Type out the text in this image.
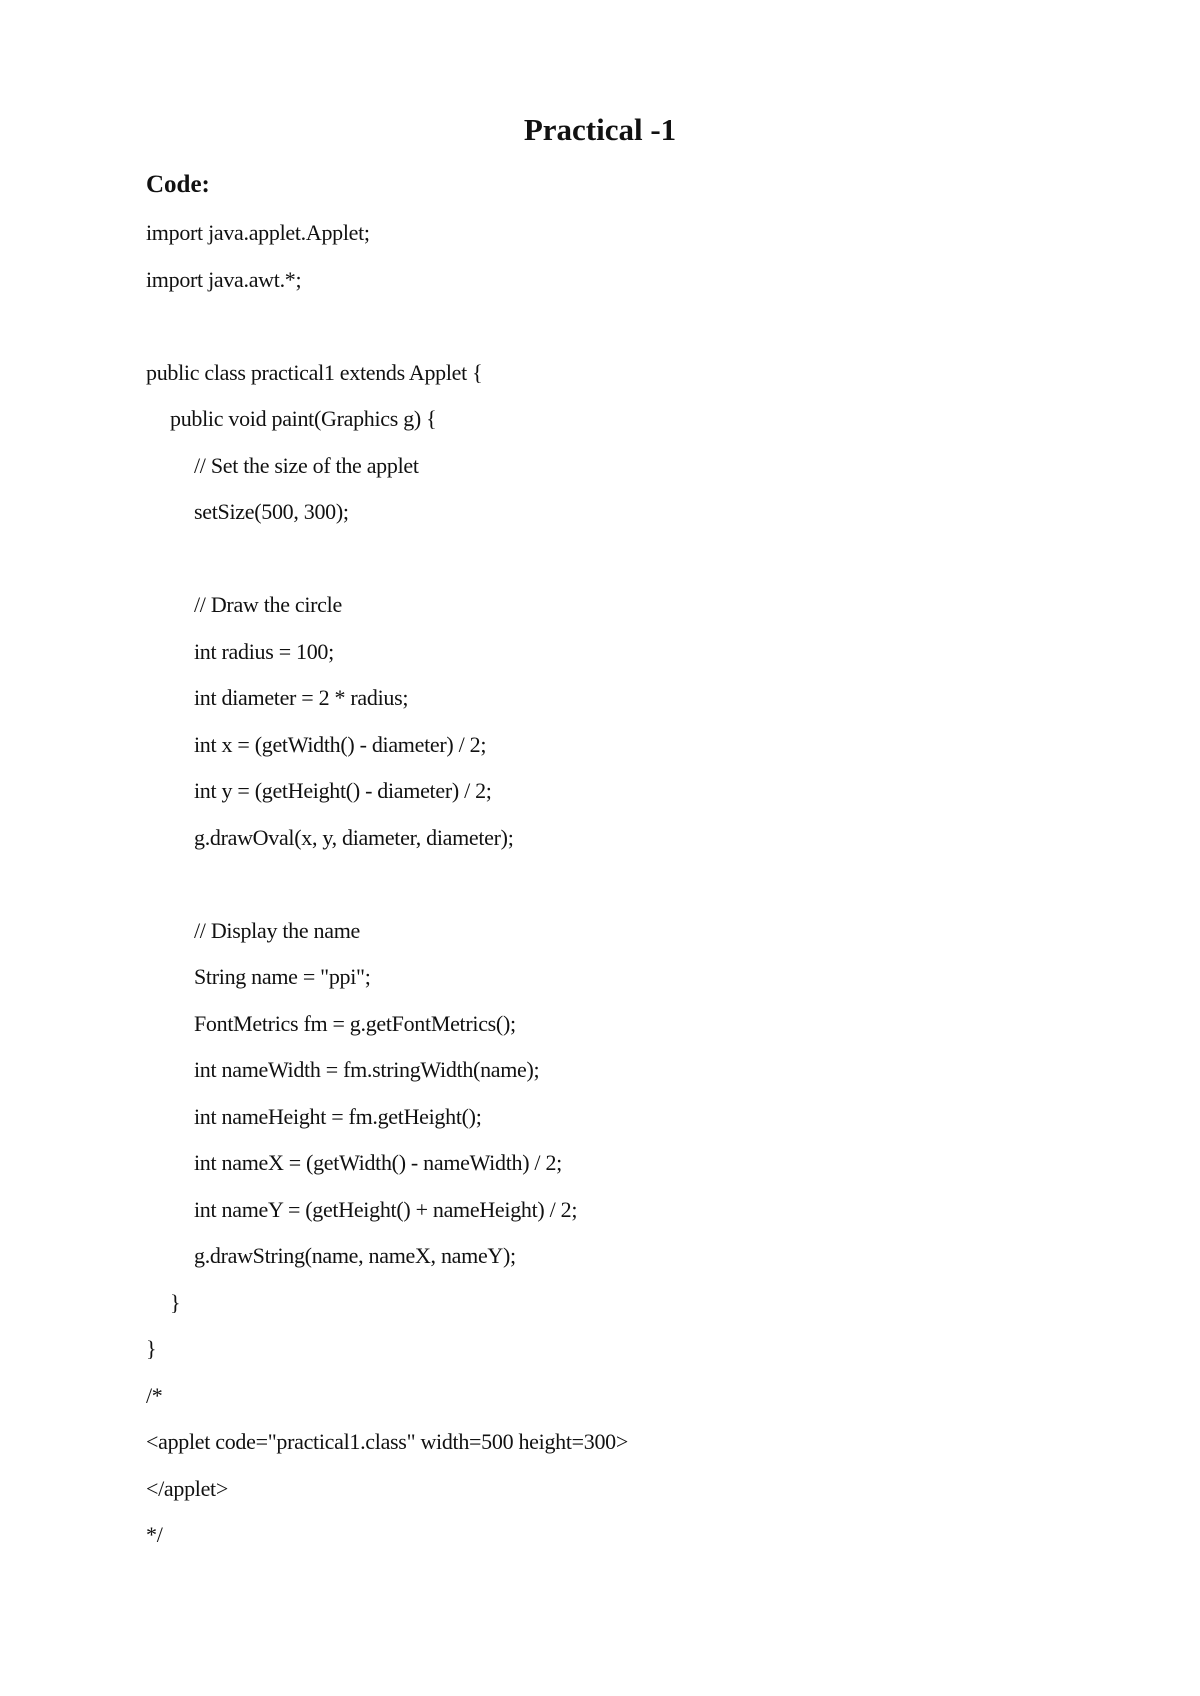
Practical -1
Code:
import java.applet.Applet;
import java.awt.*;
public class practical1 extends Applet {
public void paint(Graphics g) {
// Set the size of the applet
setSize(500, 300);
// Draw the circle
int radius = 100;
int diameter = 2 * radius;
int x = (getWidth() - diameter) / 2;
int y = (getHeight() - diameter) / 2;
g.drawOval(x, y, diameter, diameter);
// Display the name
String name = "ppi";
FontMetrics fm = g.getFontMetrics();
int nameWidth = fm.stringWidth(name);
int nameHeight = fm.getHeight();
int nameX = (getWidth() - nameWidth) / 2;
int nameY = (getHeight() + nameHeight) / 2;
g.drawString(name, nameX, nameY);
}
}
/*
<applet code="practical1.class" width=500 height=300>
</applet>
*/
